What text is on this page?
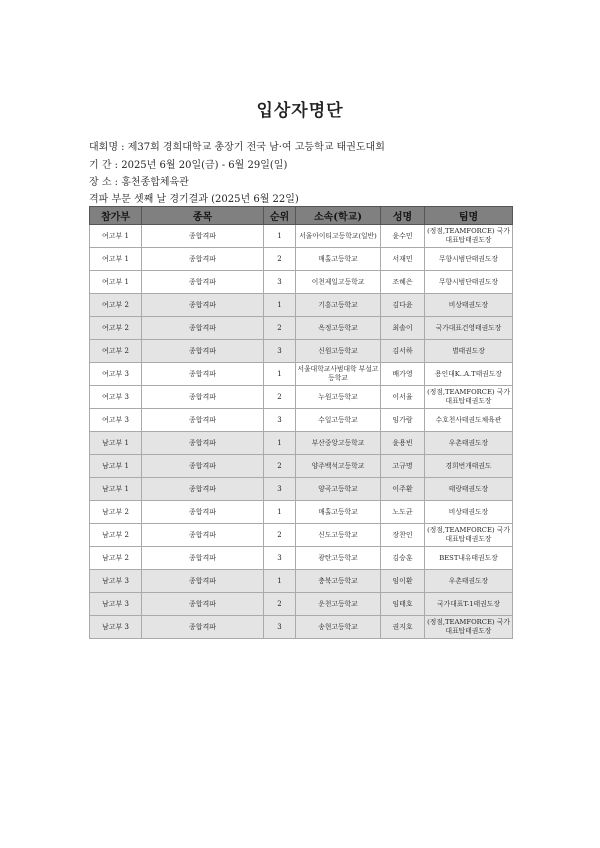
입상자명단
대회명 : 제37회 경희대학교 총장기 전국 남·여 고등학교 태권도대회
기 간 : 2025년 6월 20일(금) - 6월 29일(일)
장 소 : 홍천종합체육관
격파 부문 셋째 날 경기결과 (2025년 6월 22일)
참가부	종목	순위	소속(학교)	성명	팀명
여고부 1	종합격파	1	서울아이티고등학교(일반)	윤수민	(정점,TEAMFORCE) 국가대표탑태권도장
여고부 1	종합격파	2	매홀고등학교	서재민	무향시범단태권도장
여고부 1	종합격파	3	이천제일고등학교	조혜은	무향시범단태권도장
여고부 2	종합격파	1	기흥고등학교	김다윤	비상태권도장
여고부 2	종합격파	2	옥정고등학교	최솔이	국가대표건영태권도장
여고부 2	종합격파	3	신원고등학교	김서하	별태권도장
여고부 3	종합격파	1	서울대학교사범대학 부설고등학교	배가영	용인대K..A.T태권도장
여고부 3	종합격파	2	누원고등학교	이서율	(정점,TEAMFORCE) 국가대표탑태권도장
여고부 3	종합격파	3	수일고등학교	임가람	수호천사태권도체육관
남고부 1	종합격파	1	부산중앙고등학교	윤용빈	우촌태권도장
남고부 1	종합격파	2	양주백석고등학교	고규명	경희번개태권도
남고부 1	종합격파	3	양곡고등학교	이주환	태랑태권도장
남고부 2	종합격파	1	매홀고등학교	노도균	비상태권도장
남고부 2	종합격파	2	신도고등학교	장찬인	(정점,TEAMFORCE) 국가대표탑태권도장
남고부 2	종합격파	3	광탄고등학교	김승훈	BEST내유태권도장
남고부 3	종합격파	1	충북고등학교	임이환	우촌태권도장
남고부 3	종합격파	2	운천고등학교	임태호	국가대표T-1태권도장
남고부 3	종합격파	3	송현고등학교	권지호	(정점,TEAMFORCE) 국가대표탑태권도장
